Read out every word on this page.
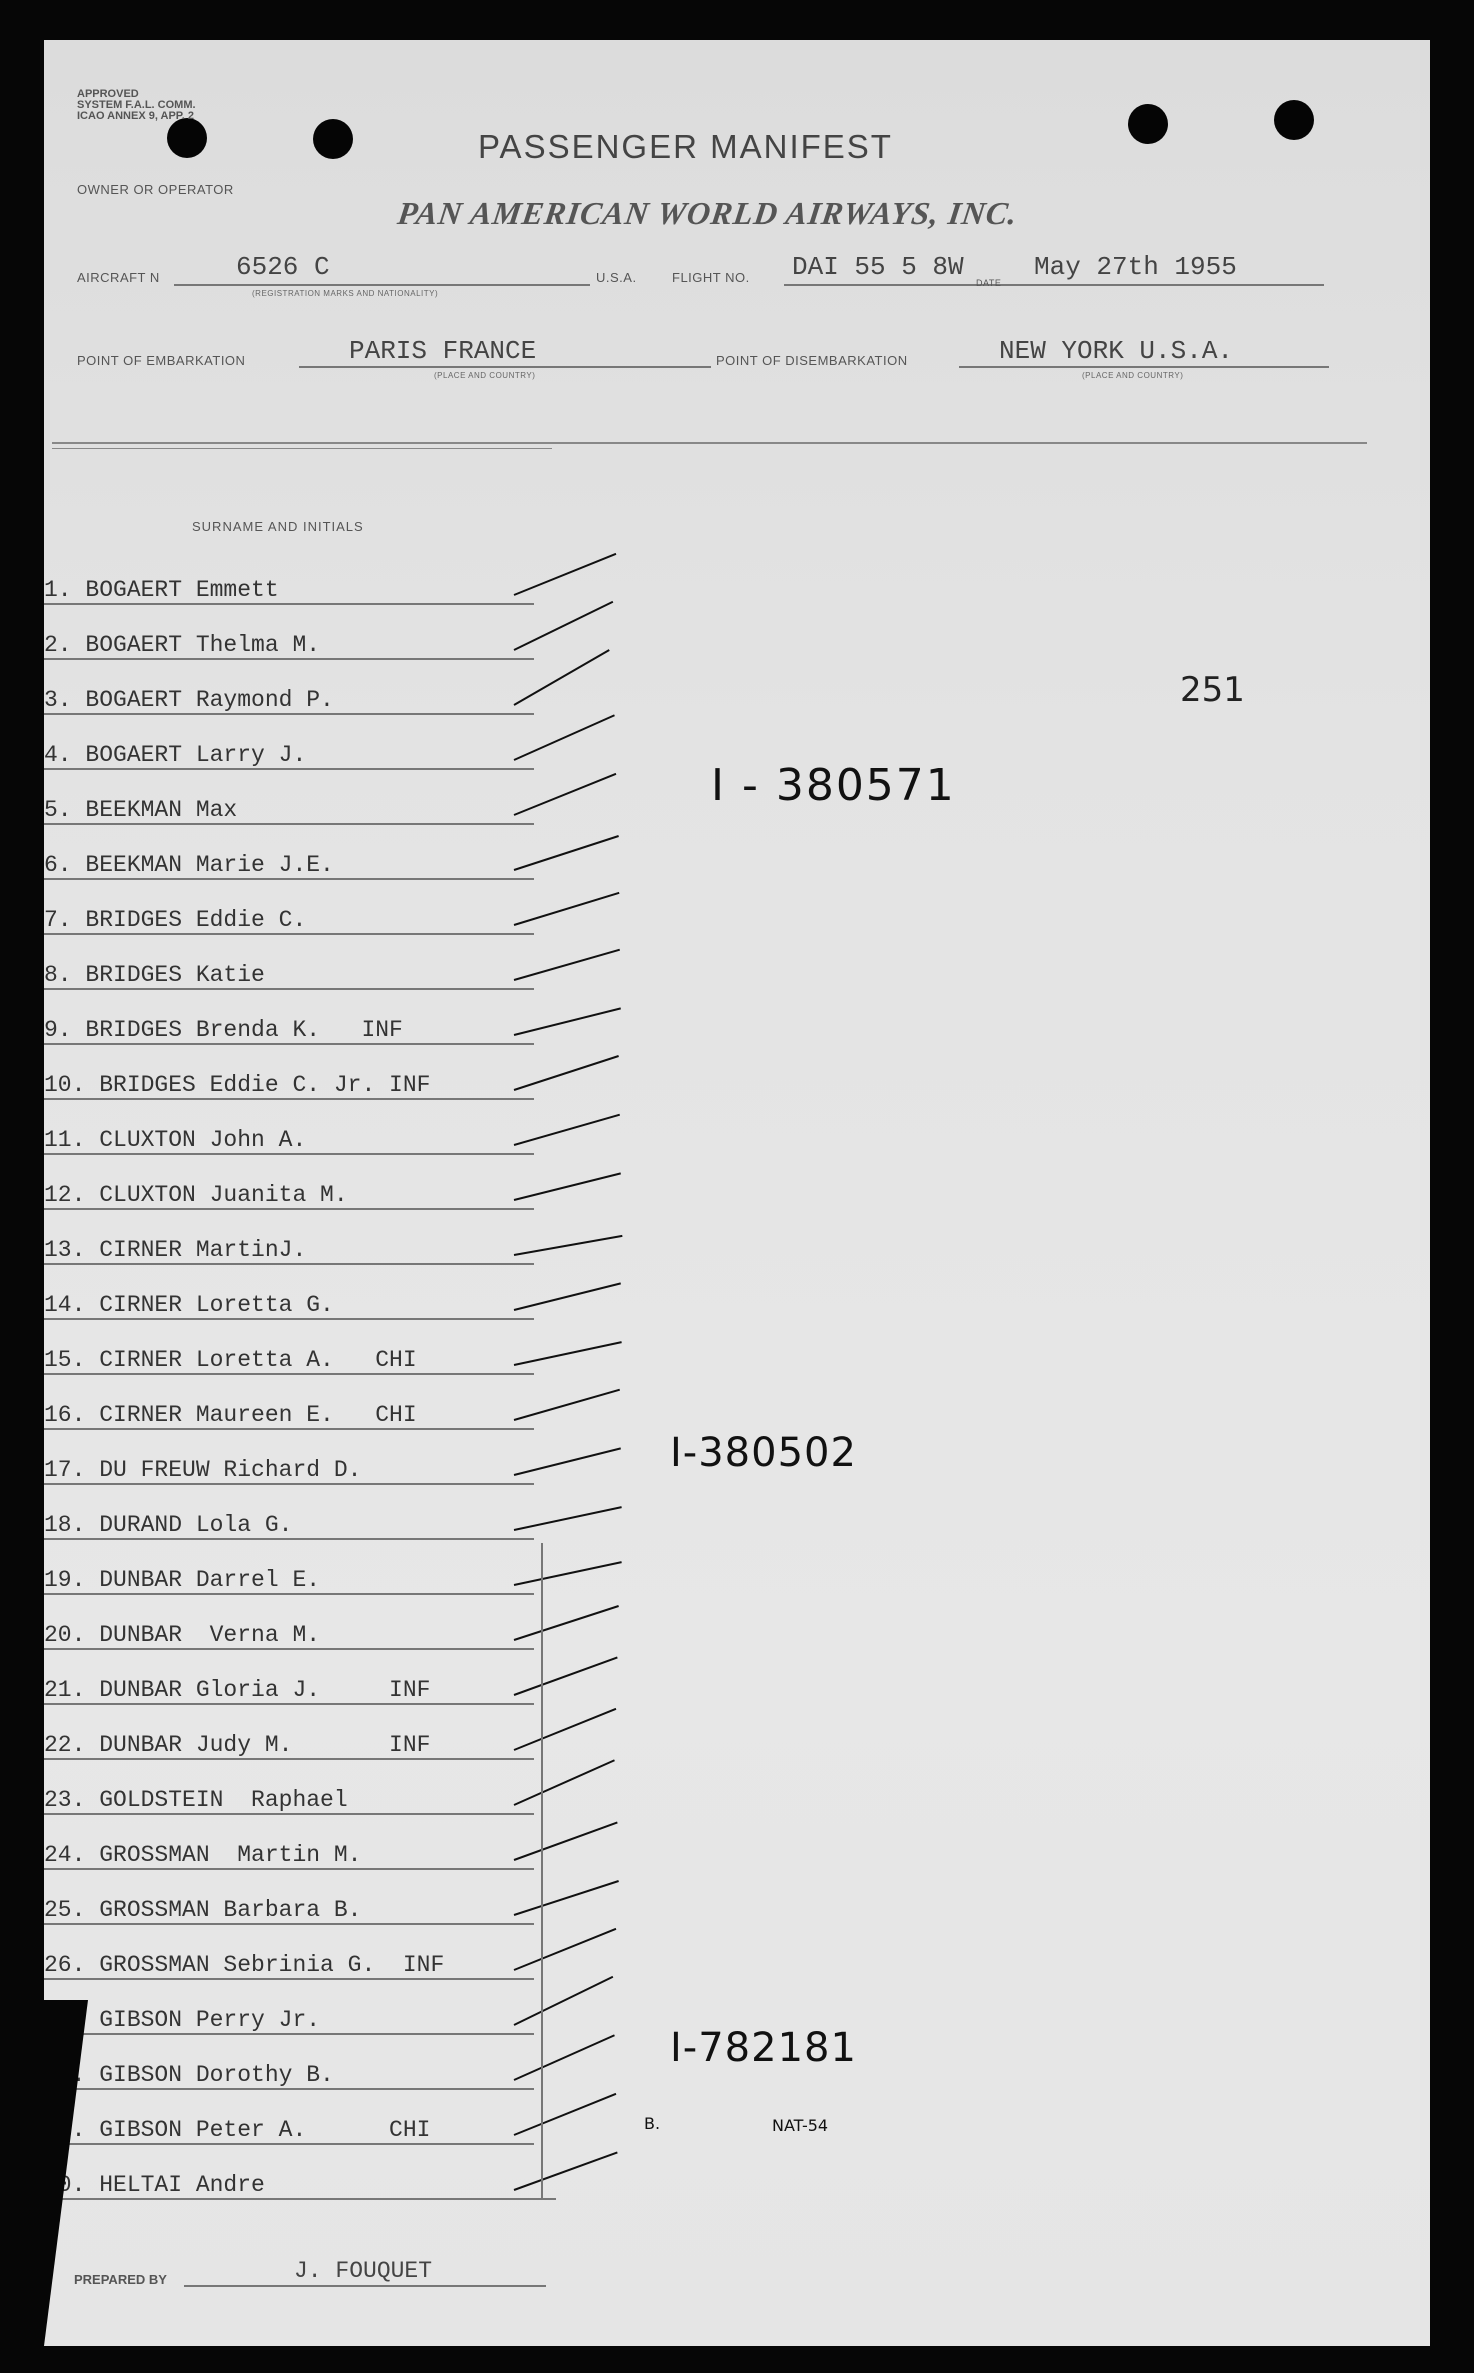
APPROVED
SYSTEM F.A.L. COMM.
ICAO ANNEX 9, APP. 2
PASSENGER MANIFEST
PAN AMERICAN WORLD AIRWAYS, INC.
OWNER OR OPERATOR
AIRCRAFT N	6526 C
(REGISTRATION MARKS AND NATIONALITY)
U.S.A.	FLIGHT NO. DAI 55 5 8W
DATE
May 27th 1955
POINT OF EMBARKATION	PARIS FRANCE
(PLACE AND COUNTRY)
POINT OF DISEMBARKATION	NEW YORK U.S.A.
(PLACE AND COUNTRY)
SURNAME AND INITIALS
1. BOGAERT Emmett
2. BOGAERT Thelma M.
3. BOGAERT Raymond P.
4. BOGAERT Larry J.
5. BEEKMAN Max
6. BEEKMAN Marie J.E.
7. BRIDGES Eddie C.
8. BRIDGES Katie
9. BRIDGES Brenda K.   INF
10. BRIDGES Eddie C. Jr. INF
11. CLUXTON John A.
12. CLUXTON Juanita M.
13. CIRNER MartinJ.
14. CIRNER Loretta G.
15. CIRNER Loretta A.   CHI
16. CIRNER Maureen E.   CHI
17. DU FREUW Richard D.
18. DURAND Lola G.
19. DUNBAR Darrel E.
20. DUNBAR  Verna M.
21. DUNBAR Gloria J.     INF
22. DUNBAR Judy M.       INF
23. GOLDSTEIN  Raphael
24. GROSSMAN  Martin M.
25. GROSSMAN Barbara B.
26. GROSSMAN Sebrinia G.  INF
27. GIBSON Perry Jr.
28. GIBSON Dorothy B.
29. GIBSON Peter A.      CHI
30. HELTAI Andre
251
I - 380571
I-380502
I-782181
NAT-54
B.
PREPARED BY	J. FOUQUET
